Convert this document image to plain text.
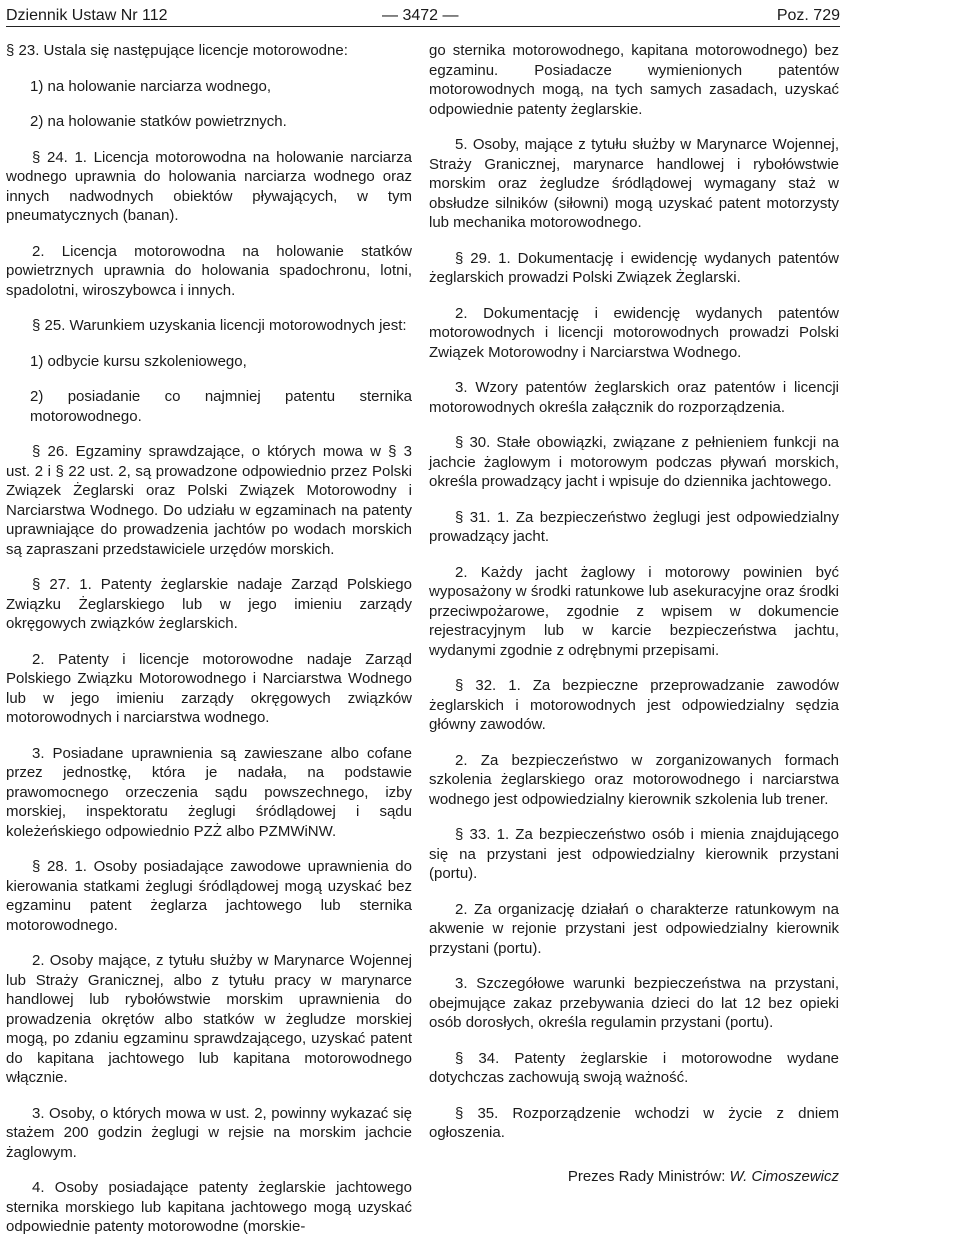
Dziennik Ustaw Nr 112	— 3472 —	Poz. 729

§ 23. Ustala się następujące licencje motorowodne:

1) na holowanie narciarza wodnego,

2) na holowanie statków powietrznych.

§ 24. 1. Licencja motorowodna na holowanie narciarza wodnego uprawnia do holowania narciarza wodnego oraz innych nadwodnych obiektów pływających, w tym pneumatycznych (banan).

2. Licencja motorowodna na holowanie statków powietrznych uprawnia do holowania spadochronu, lotni, spadolotni, wiroszybowca i innych.

§ 25. Warunkiem uzyskania licencji motorowodnych jest:

1) odbycie kursu szkoleniowego,

2) posiadanie co najmniej patentu sternika motorowodnego.

§ 26. Egzaminy sprawdzające, o których mowa w § 3 ust. 2 i § 22 ust. 2, są prowadzone odpowiednio przez Polski Związek Żeglarski oraz Polski Związek Motorowodny i Narciarstwa Wodnego. Do udziału w egzaminach na patenty uprawniające do prowadzenia jachtów po wodach morskich są zapraszani przedstawiciele urzędów morskich.

§ 27. 1. Patenty żeglarskie nadaje Zarząd Polskiego Związku Żeglarskiego lub w jego imieniu zarządy okręgowych związków żeglarskich.

2. Patenty i licencje motorowodne nadaje Zarząd Polskiego Związku Motorowodnego i Narciarstwa Wodnego lub w jego imieniu zarządy okręgowych związków motorowodnych i narciarstwa wodnego.

3. Posiadane uprawnienia są zawieszane albo cofane przez jednostkę, która je nadała, na podstawie prawomocnego orzeczenia sądu powszechnego, izby morskiej, inspektoratu żeglugi śródlądowej i sądu koleżeńskiego odpowiednio PZŻ albo PZMWiNW.

§ 28. 1. Osoby posiadające zawodowe uprawnienia do kierowania statkami żeglugi śródlądowej mogą uzyskać bez egzaminu patent żeglarza jachtowego lub sternika motorowodnego.

2. Osoby mające, z tytułu służby w Marynarce Wojennej lub Straży Granicznej, albo z tytułu pracy w marynarce handlowej lub rybołówstwie morskim uprawnienia do prowadzenia okrętów albo statków w żegludze morskiej mogą, po zdaniu egzaminu sprawdzającego, uzyskać patent do kapitana jachtowego lub kapitana motorowodnego włącznie.

3. Osoby, o których mowa w ust. 2, powinny wykazać się stażem 200 godzin żeglugi w rejsie na morskim jachcie żaglowym.

4. Osoby posiadające patenty żeglarskie jachtowego sternika morskiego lub kapitana jachtowego mogą uzyskać odpowiednie patenty motorowodne (morskie-

go sternika motorowodnego, kapitana motorowodnego) bez egzaminu. Posiadacze wymienionych patentów motorowodnych mogą, na tych samych zasadach, uzyskać odpowiednie patenty żeglarskie.

5. Osoby, mające z tytułu służby w Marynarce Wojennej, Straży Granicznej, marynarce handlowej i rybołówstwie morskim oraz żegludze śródlądowej wymagany staż w obsłudze silników (siłowni) mogą uzyskać patent motorzysty lub mechanika motorowodnego.

§ 29. 1. Dokumentację i ewidencję wydanych patentów żeglarskich prowadzi Polski Związek Żeglarski.

2. Dokumentację i ewidencję wydanych patentów motorowodnych i licencji motorowodnych prowadzi Polski Związek Motorowodny i Narciarstwa Wodnego.

3. Wzory patentów żeglarskich oraz patentów i licencji motorowodnych określa załącznik do rozporządzenia.

§ 30. Stałe obowiązki, związane z pełnieniem funkcji na jachcie żaglowym i motorowym podczas pływań morskich, określa prowadzący jacht i wpisuje do dziennika jachtowego.

§ 31. 1. Za bezpieczeństwo żeglugi jest odpowiedzialny prowadzący jacht.

2. Każdy jacht żaglowy i motorowy powinien być wyposażony w środki ratunkowe lub asekuracyjne oraz środki przeciwpożarowe, zgodnie z wpisem w dokumencie rejestracyjnym lub w karcie bezpieczeństwa jachtu, wydanymi zgodnie z odrębnymi przepisami.

§ 32. 1. Za bezpieczne przeprowadzanie zawodów żeglarskich i motorowodnych jest odpowiedzialny sędzia główny zawodów.

2. Za bezpieczeństwo w zorganizowanych formach szkolenia żeglarskiego oraz motorowodnego i narciarstwa wodnego jest odpowiedzialny kierownik szkolenia lub trener.

§ 33. 1. Za bezpieczeństwo osób i mienia znajdującego się na przystani jest odpowiedzialny kierownik przystani (portu).

2. Za organizację działań o charakterze ratunkowym na akwenie w rejonie przystani jest odpowiedzialny kierownik przystani (portu).

3. Szczegółowe warunki bezpieczeństwa na przystani, obejmujące zakaz przebywania dzieci do lat 12 bez opieki osób dorosłych, określa regulamin przystani (portu).

§ 34. Patenty żeglarskie i motorowodne wydane dotychczas zachowują swoją ważność.

§ 35. Rozporządzenie wchodzi w życie z dniem ogłoszenia.

Prezes Rady Ministrów: W. Cimoszewicz
